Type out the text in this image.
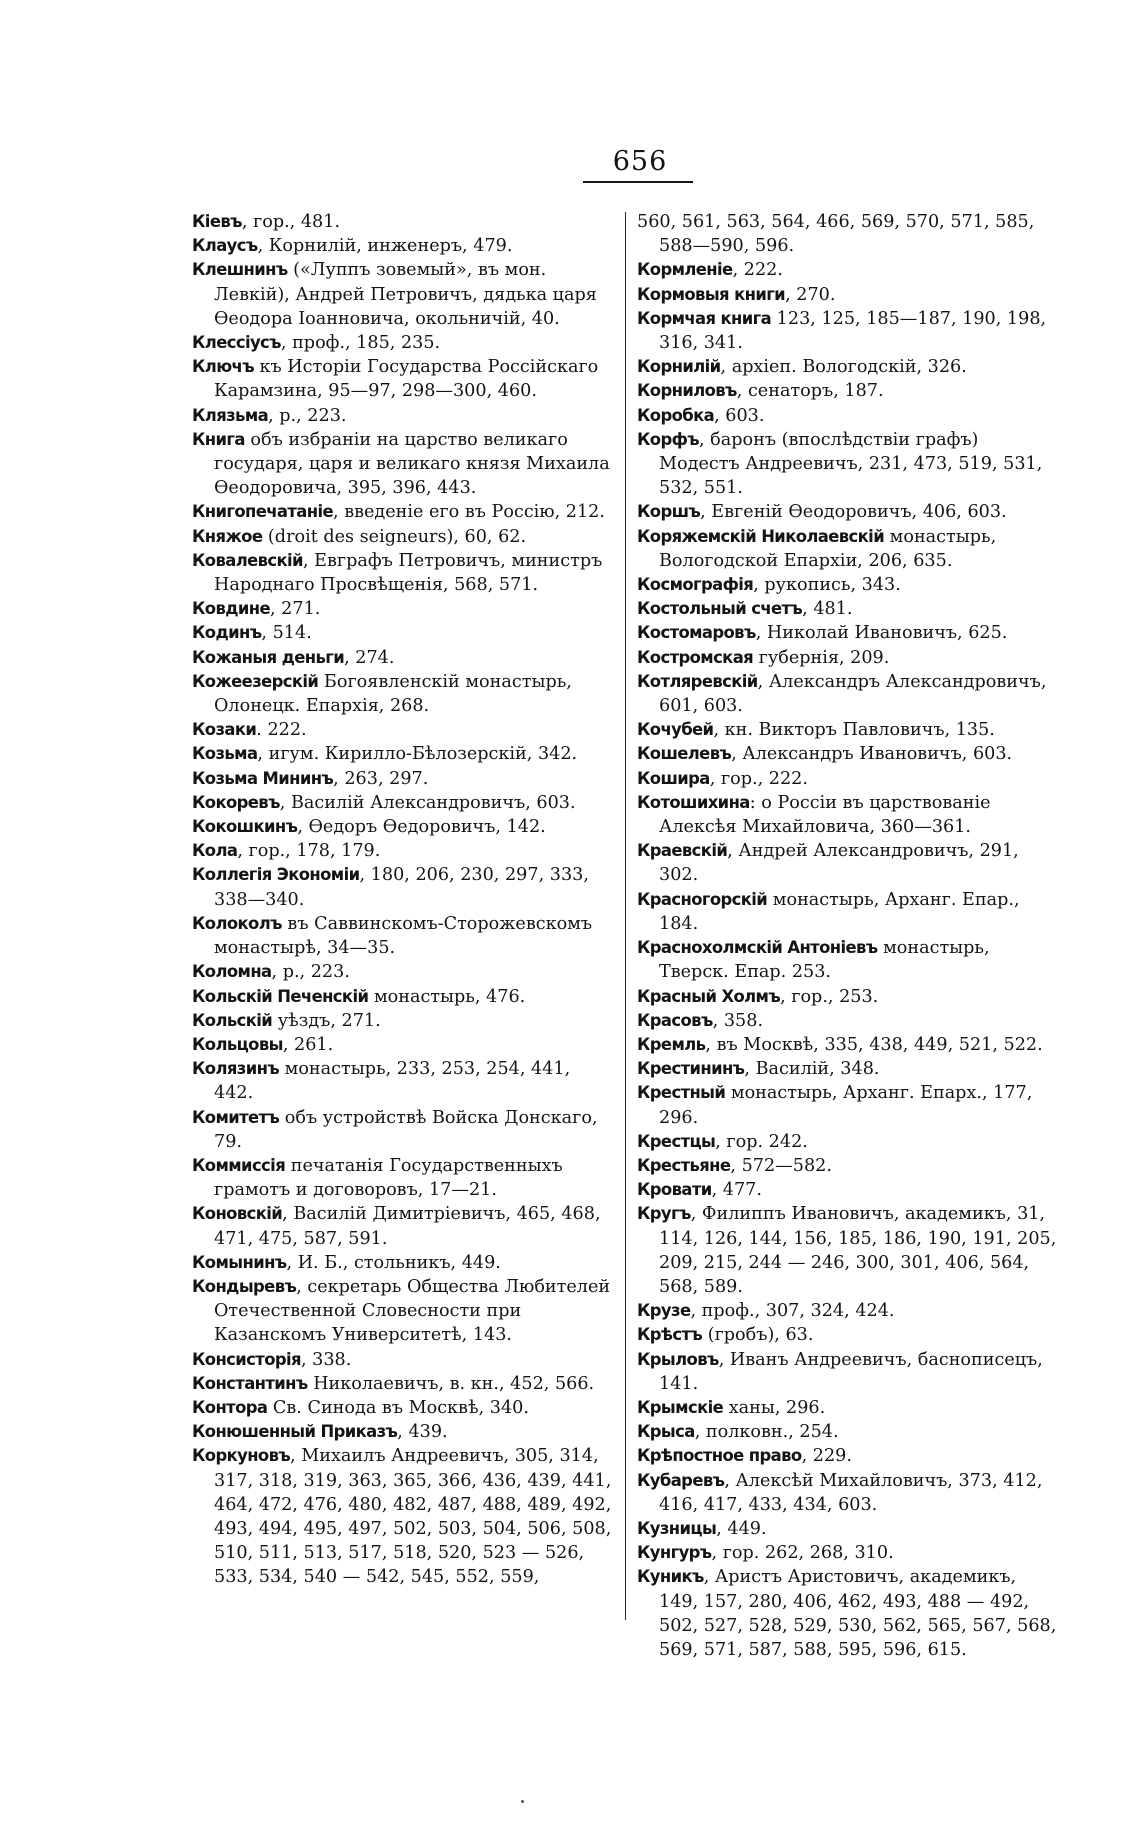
656

Кіевъ, гор., 481.

Клаусъ, Корнилій, инженеръ, 479.

Клешнинъ («Луппъ зовемый», въ мон. Левкій), Андрей Петровичъ, дядька царя Ѳеодора Іоанновича, окольничій, 40.

Клессіусъ, проф., 185, 235.

Ключъ къ Исторіи Государства Россійскаго Карамзина, 95—97, 298—300, 460.

Клязьма, р., 223.

Книга объ избраніи на царство великаго государя, царя и великаго князя Михаила Ѳеодоровича, 395, 396, 443.

Книгопечатаніе, введеніе его въ Россію, 212.

Княжое (droit des seigneurs), 60, 62.

Ковалевскій, Евграфъ Петровичъ, министръ Народнаго Просвѣщенія, 568, 571.

Ковдине, 271.

Кодинъ, 514.

Кожаныя деньги, 274.

Кожеезерскій Богоявленскій монастырь, Олонецк. Епархія, 268.

Козаки. 222.

Козьма, игум. Кирилло-Бѣлозерскій, 342.

Козьма Мининъ, 263, 297.

Кокоревъ, Василій Александровичъ, 603.

Кокошкинъ, Ѳедоръ Ѳедоровичъ, 142.

Кола, гор., 178, 179.

Коллегія Экономіи, 180, 206, 230, 297, 333, 338—340.

Колоколъ въ Саввинскомъ-Сторожевскомъ монастырѣ, 34—35.

Коломна, р., 223.

Кольскій Печенскій монастырь, 476.

Кольскій уѣздъ, 271.

Кольцовы, 261.

Колязинъ монастырь, 233, 253, 254, 441, 442.

Комитетъ объ устройствѣ Войска Донскаго, 79.

Коммиссія печатанія Государственныхъ грамотъ и договоровъ, 17—21.

Коновскій, Василій Димитріевичъ, 465, 468, 471, 475, 587, 591.

Комынинъ, И. Б., стольникъ, 449.

Кондыревъ, секретарь Общества Любителей Отечественной Словесности при Казанскомъ Университетѣ, 143.

Консисторія, 338.

Константинъ Николаевичъ, в. кн., 452, 566.

Контора Св. Синода въ Москвѣ, 340.

Конюшенный Приказъ, 439.

Коркуновъ, Михаилъ Андреевичъ, 305, 314, 317, 318, 319, 363, 365, 366, 436, 439, 441, 464, 472, 476, 480, 482, 487, 488, 489, 492, 493, 494, 495, 497, 502, 503, 504, 506, 508, 510, 511, 513, 517, 518, 520, 523 — 526, 533, 534, 540 — 542, 545, 552, 559,

560, 561, 563, 564, 466, 569, 570, 571, 585, 588—590, 596.

Кормленіе, 222.

Кормовыя книги, 270.

Кормчая книга 123, 125, 185—187, 190, 198, 316, 341.

Корнилій, архіеп. Вологодскій, 326.

Корниловъ, сенаторъ, 187.

Коробка, 603.

Корфъ, баронъ (впослѣдствіи графъ) Модестъ Андреевичъ, 231, 473, 519, 531, 532, 551.

Коршъ, Евгеній Ѳеодоровичъ, 406, 603.

Коряжемскій Николаевскій монастырь, Вологодской Епархіи, 206, 635.

Космографія, рукопись, 343.

Костольный счетъ, 481.

Костомаровъ, Николай Ивановичъ, 625.

Костромская губернія, 209.

Котляревскій, Александръ Александровичъ, 601, 603.

Кочубей, кн. Викторъ Павловичъ, 135.

Кошелевъ, Александръ Ивановичъ, 603.

Кошира, гор., 222.

Котошихина: о Россіи въ царствованіе Алексѣя Михайловича, 360—361.

Краевскій, Андрей Александровичъ, 291, 302.

Красногорскій монастырь, Арханг. Епар., 184.

Краснохолмскій Антоніевъ монастырь, Тверск. Епар. 253.

Красный Холмъ, гор., 253.

Красовъ, 358.

Кремль, въ Москвѣ, 335, 438, 449, 521, 522.

Крестининъ, Василій, 348.

Крестный монастырь, Арханг. Епарх., 177, 296.

Крестцы, гор. 242.

Крестьяне, 572—582.

Кровати, 477.

Кругъ, Филиппъ Ивановичъ, академикъ, 31, 114, 126, 144, 156, 185, 186, 190, 191, 205, 209, 215, 244 — 246, 300, 301, 406, 564, 568, 589.

Крузе, проф., 307, 324, 424.

Крѣстъ (гробъ), 63.

Крыловъ, Иванъ Андреевичъ, баснописецъ, 141.

Крымскіе ханы, 296.

Крыса, полковн., 254.

Крѣпостное право, 229.

Кубаревъ, Алексѣй Михайловичъ, 373, 412, 416, 417, 433, 434, 603.

Кузницы, 449.

Кунгуръ, гор. 262, 268, 310.

Куникъ, Аристъ Аристовичъ, академикъ, 149, 157, 280, 406, 462, 493, 488 — 492, 502, 527, 528, 529, 530, 562, 565, 567, 568, 569, 571, 587, 588, 595, 596, 615.
